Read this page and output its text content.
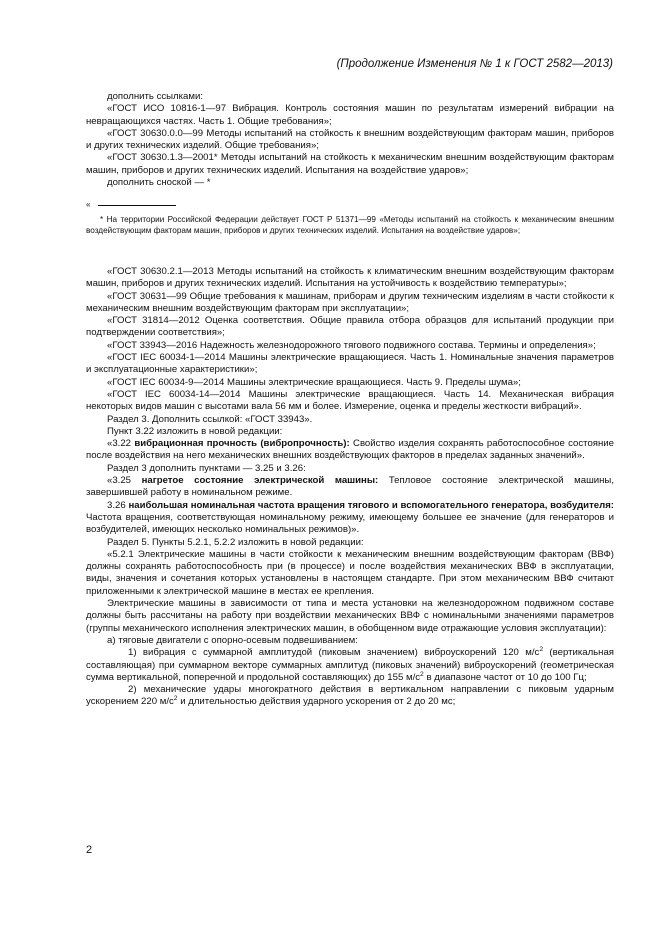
(Продолжение Изменения № 1 к ГОСТ 2582—2013)

дополнить ссылками:

«ГОСТ ИСО 10816-1—97 Вибрация. Контроль состояния машин по результатам измерений вибрации на невращающихся частях. Часть 1. Общие требования»;

«ГОСТ 30630.0.0—99 Методы испытаний на стойкость к внешним воздействующим факторам машин, приборов и других технических изделий. Общие требования»;

«ГОСТ 30630.1.3—2001* Методы испытаний на стойкость к механическим внешним воздействующим факторам машин, приборов и других технических изделий. Испытания на воздействие ударов»;

дополнить сноской — *

«
* На территории Российской Федерации действует ГОСТ Р 51371—99 «Методы испытаний на стойкость к механическим внешним воздействующим факторам машин, приборов и других технических изделий. Испытания на воздействие ударов»;

«ГОСТ 30630.2.1—2013 Методы испытаний на стойкость к климатическим внешним воздействующим факторам машин, приборов и других технических изделий. Испытания на устойчивость к воздействию температуры»;

«ГОСТ 30631—99 Общие требования к машинам, приборам и другим техническим изделиям в части стойкости к механическим внешним воздействующим факторам при эксплуатации»;

«ГОСТ 31814—2012 Оценка соответствия. Общие правила отбора образцов для испытаний продукции при подтверждении соответствия»;

«ГОСТ 33943—2016 Надежность железнодорожного тягового подвижного состава. Термины и определения»;

«ГОСТ IEC 60034-1—2014 Машины электрические вращающиеся. Часть 1. Номинальные значения параметров и эксплуатационные характеристики»;

«ГОСТ IEC 60034-9—2014 Машины электрические вращающиеся. Часть 9. Пределы шума»;

«ГОСТ IEC 60034-14—2014 Машины электрические вращающиеся. Часть 14. Механическая вибрация некоторых видов машин с высотами вала 56 мм и более. Измерение, оценка и пределы жесткости вибраций».

Раздел 3. Дополнить ссылкой: «ГОСТ 33943».

Пункт 3.22 изложить в новой редакции:

«3.22 вибрационная прочность (вибропрочность): Свойство изделия сохранять работоспособное состояние после воздействия на него механических внешних воздействующих факторов в пределах заданных значений».

Раздел 3 дополнить пунктами — 3.25 и 3.26:

«3.25 нагретое состояние электрической машины: Тепловое состояние электрической машины, завершившей работу в номинальном режиме.

3.26 наибольшая номинальная частота вращения тягового и вспомогательного генератора, возбудителя: Частота вращения, соответствующая номинальному режиму, имеющему большее ее значение (для генераторов и возбудителей, имеющих несколько номинальных режимов)».

Раздел 5. Пункты 5.2.1, 5.2.2 изложить в новой редакции:

«5.2.1 Электрические машины в части стойкости к механическим внешним воздействующим факторам (ВВФ) должны сохранять работоспособность при (в процессе) и после воздействия механических ВВФ в эксплуатации, виды, значения и сочетания которых установлены в настоящем стандарте. При этом механическим ВВФ считают приложенными к электрической машине в местах ее крепления.

Электрические машины в зависимости от типа и места установки на железнодорожном подвижном составе должны быть рассчитаны на работу при воздействии механических ВВФ с номинальными значениями параметров (группы механического исполнения электрических машин, в обобщенном виде отражающие условия эксплуатации):

а) тяговые двигатели с опорно-осевым подвешиванием:

1) вибрация с суммарной амплитудой (пиковым значением) виброускорений 120 $м/с^2$ (вертикальная составляющая) при суммарном векторе суммарных амплитуд (пиковых значений) виброускорений (геометрическая сумма вертикальной, поперечной и продольной составляющих) до 155 $м/с^2$ в диапазоне частот от 10 до 100 Гц;

2) механические удары многократного действия в вертикальном направлении с пиковым ударным ускорением 220 $м/с^2$ и длительностью действия ударного ускорения от 2 до 20 мс;

2
